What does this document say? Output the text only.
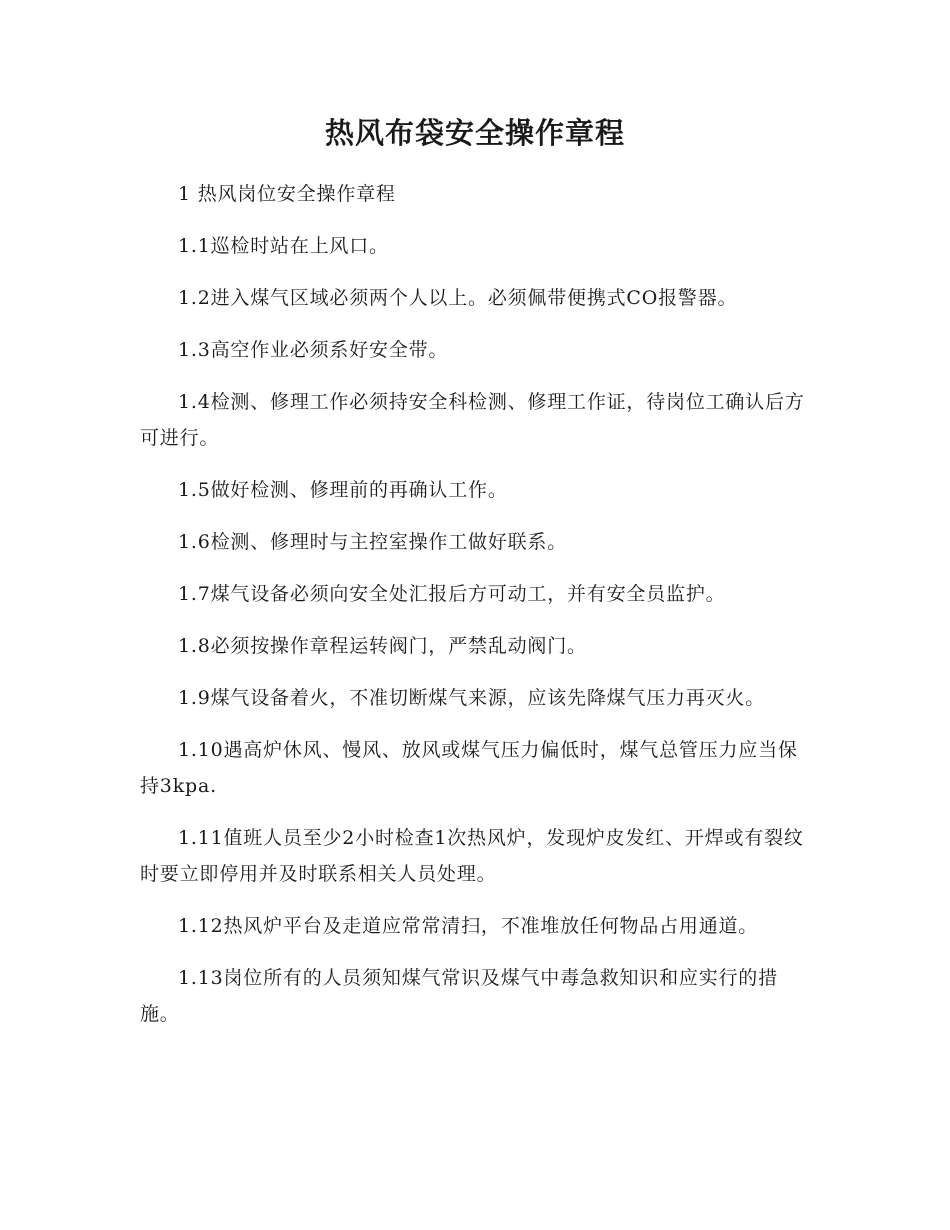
热风布袋安全操作章程

1 热风岗位安全操作章程

1.1巡检时站在上风口。

1.2进入煤气区域必须两个人以上。必须佩带便携式CO报警器。

1.3高空作业必须系好安全带。

1.4检测、修理工作必须持安全科检测、修理工作证，待岗位工确认后方可进行。

1.5做好检测、修理前的再确认工作。

1.6检测、修理时与主控室操作工做好联系。

1.7煤气设备必须向安全处汇报后方可动工，并有安全员监护。

1.8必须按操作章程运转阀门，严禁乱动阀门。

1.9煤气设备着火，不准切断煤气来源，应该先降煤气压力再灭火。

1.10遇高炉休风、慢风、放风或煤气压力偏低时，煤气总管压力应当保持3kpa.

1.11值班人员至少2小时检查1次热风炉，发现炉皮发红、开焊或有裂纹时要立即停用并及时联系相关人员处理。

1.12热风炉平台及走道应常常清扫，不准堆放任何物品占用通道。

1.13岗位所有的人员须知煤气常识及煤气中毒急救知识和应实行的措施。
